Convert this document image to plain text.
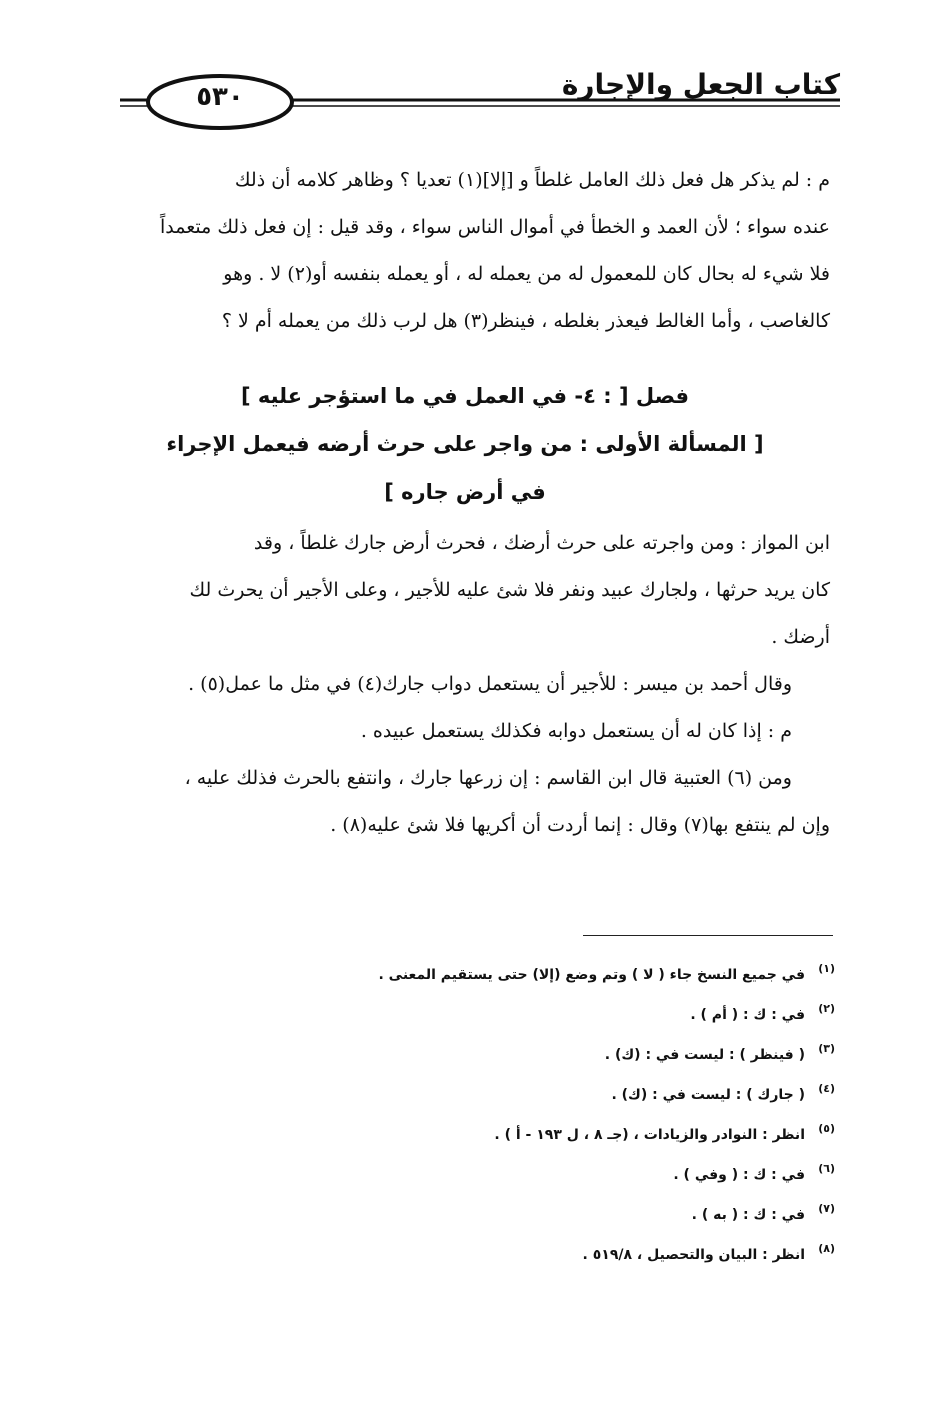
٥٣٠	كتاب الجعل والإجارة

م : لم يذكر هل فعل ذلك العامل غلطاً و [إلا](١) تعديا ؟ وظاهر كلامه أن ذلك

عنده سواء ؛ لأن العمد و الخطأ في أموال الناس سواء ، وقد قيل : إن فعل ذلك متعمداً

فلا شيء له بحال كان للمعمول له من يعمله له ، أو يعمله بنفسه أو(٢) لا . وهو

كالغاصب ، وأما الغالط فيعذر بغلطه ، فينظر(٣) هل لرب ذلك من يعمله أم لا ؟

فصل [ : ٤- في العمل في ما استؤجر عليه ]
[ المسألة الأولى : من واجر على حرث أرضه فيعمل الإجراء
في أرض جاره ]

ابن المواز : ومن واجرته على حرث أرضك ، فحرث أرض جارك غلطاً ، وقد

كان يريد حرثها ، ولجارك عبيد ونفر فلا شئ عليه للأجير ، وعلى الأجير أن يحرث لك

أرضك .

وقال أحمد بن ميسر : للأجير أن يستعمل دواب جارك(٤) في مثل ما عمل(٥) .

م : إذا كان له أن يستعمل دوابه فكذلك يستعمل عبيده .

ومن (٦) العتبية قال ابن القاسم : إن زرعها جارك ، وانتفع بالحرث فذلك عليه ،

وإن لم ينتفع بها(٧) وقال : إنما أردت أن أكريها فلا شئ عليه(٨) .

(١)في جميع النسخ جاء ( لا ) وتم وضع (إلا) حتى يستقيم المعنى .
(٢)في : ك : ( أم ) .
(٣)( فينظر ) : ليست في : (ك) .
(٤)( جارك ) : ليست في : (ك) .
(٥)انظر : النوادر والزيادات ، (جـ ٨ ، ل ١٩٣ - أ ) .
(٦)في : ك : ( وفي ) .
(٧)في : ك : ( به ) .
(٨)انظر : البيان والتحصيل ، ٥١٩/٨ .
